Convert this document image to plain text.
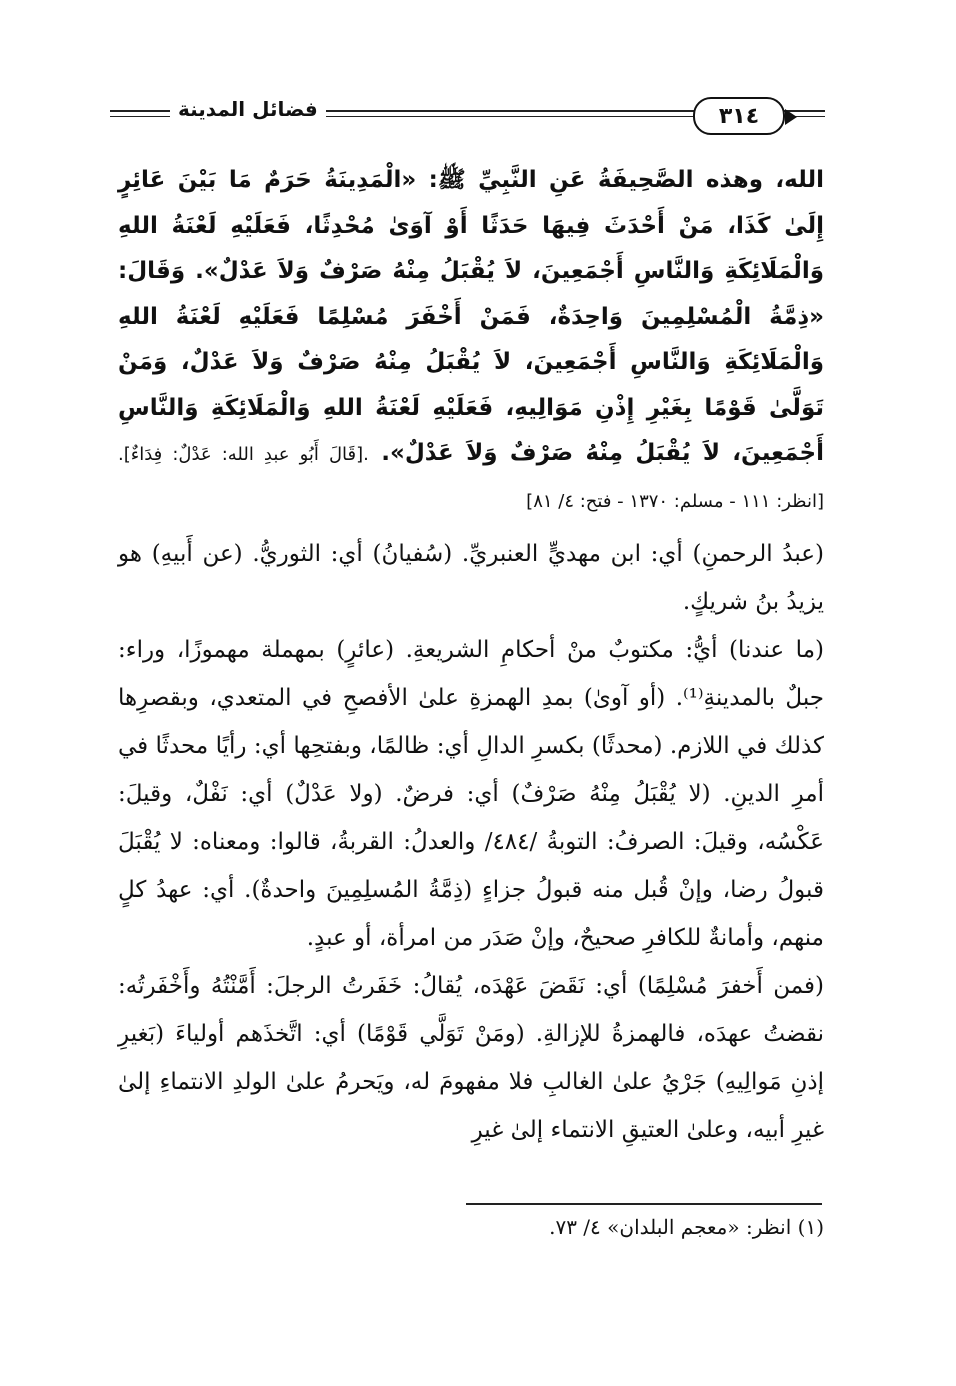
فضائل المدينة	٣١٤

الله، وهذه الصَّحِيفَةُ عَنِ النَّبِيِّ ﷺ: «الْمَدِينَةُ حَرَمٌ مَا بَيْنَ عَائِرٍ إِلَىٰ كَذَا، مَنْ أَحْدَثَ فِيهَا حَدَثًا أَوْ آوَىٰ مُحْدِثًا، فَعَلَيْهِ لَعْنَةُ اللهِ وَالْمَلَائِكَةِ وَالنَّاسِ أَجْمَعِينَ، لاَ يُقْبَلُ مِنْهُ صَرْفٌ وَلاَ عَدْلٌ». وَقَالَ: «ذِمَّةُ الْمُسْلِمِينَ وَاحِدَةٌ، فَمَنْ أَخْفَرَ مُسْلِمًا فَعَلَيْهِ لَعْنَةُ اللهِ وَالْمَلَائِكَةِ وَالنَّاسِ أَجْمَعِينَ، لاَ يُقْبَلُ مِنْهُ صَرْفٌ وَلاَ عَدْلٌ، وَمَنْ تَوَلَّىٰ قَوْمًا بِغَيْرِ إِذْنِ مَوَالِيهِ، فَعَلَيْهِ لَعْنَةُ اللهِ وَالْمَلَائِكَةِ وَالنَّاسِ أَجْمَعِينَ، لاَ يُقْبَلُ مِنْهُ صَرْفٌ وَلاَ عَدْلٌ». .[قَالَ أَبُو عبدِ الله: عَدْلٌ: فِدَاءٌ]. [انظر: ١١١ - مسلم: ١٣٧٠ - فتح: ٤/ ٨١]

(عبدُ الرحمنِ) أي: ابن مهديٍّ العنبريِّ. (سُفيانُ) أي: الثوريُّ. (عن أَبيهِ) هو يزيدُ بنُ شريكٍ.

(ما عندنا) أيُّ: مكتوبٌ منْ أحكامِ الشريعةِ. (عائرٍ) بمهملة مهموزًا، وراء: جبلٌ بالمدينةِ⁽¹⁾. (أو آوىٰ) بمدِ الهمزةِ علىٰ الأفصحِ في المتعدي، وبقصرِها كذلك في اللازم. (محدثًا) بكسرِ الدالِ أي: ظالمًا، وبفتحِها أي: رأيًا محدثًا في أمرِ الدينِ. (لا يُقْبَلُ مِنْهُ صَرْفٌ) أي: فرضٌ. (ولا عَدْلٌ) أي: نَفْلٌ، وقيلَ: عَكْسُه، وقيلَ: الصرفُ: التوبةُ /٤٨٤/ والعدلُ: القربةُ، قالوا: ومعناه: لا يُقْبَلَ قبولُ رضا، وإنْ قُبل منه قبولُ جزاءٍ (ذِمَّةُ المُسلِمِينَ واحدةٌ). أي: عهدُ كلٍ منهم، وأمانةٌ للكافرِ صحيحٌ، وإنْ صَدَر من امرأة، أو عبدٍ.

(فمن أَخفرَ مُسْلِمًا) أي: نَقَضَ عَهْدَه، يُقالُ: خَفَرتُ الرجلَ: أَمَّنْتُهُ وأَخْفَرتُه: نقضتُ عهدَه، فالهمزةُ للإزالةِ. (ومَنْ تَوَلَّي قَوْمًا) أي: اتَّخذَهم أولياءَ (بَغيرِ إذنِ مَوالِيهِ) جَرْيُ علىٰ الغالبِ فلا مفهومَ له، ويَحرمُ علىٰ الولدِ الانتماءِ إلىٰ غيرِ أبيه، وعلىٰ العتيقِ الانتماء إلىٰ غيرِ

(١) انظر: «معجم البلدان» ٤/ ٧٣.
